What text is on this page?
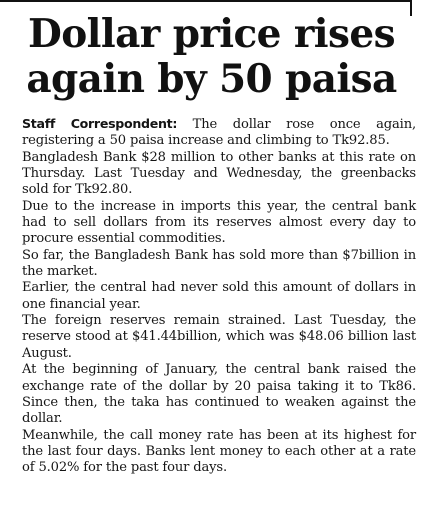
Dollar price rises
again by 50 paisa

Staff Correspondent: The dollar rose once again, registering a 50 paisa increase and climbing to Tk92.85.

Bangladesh Bank $28 million to other banks at this rate on Thursday. Last Tuesday and Wednesday, the greenbacks sold for Tk92.80.

Due to the increase in imports this year, the central bank had to sell dollars from its reserves almost every day to procure essential commodities.

So far, the Bangladesh Bank has sold more than $7billion in the market.

Earlier, the central had never sold this amount of dollars in one financial year.

The foreign reserves remain strained. Last Tuesday, the reserve stood at $41.44billion, which was $48.06 billion last August.

At the beginning of January, the central bank raised the exchange rate of the dollar by 20 paisa taking it to Tk86. Since then, the taka has continued to weaken against the dollar.

Meanwhile, the call money rate has been at its highest for the last four days. Banks lent money to each other at a rate of 5.02% for the past four days.
